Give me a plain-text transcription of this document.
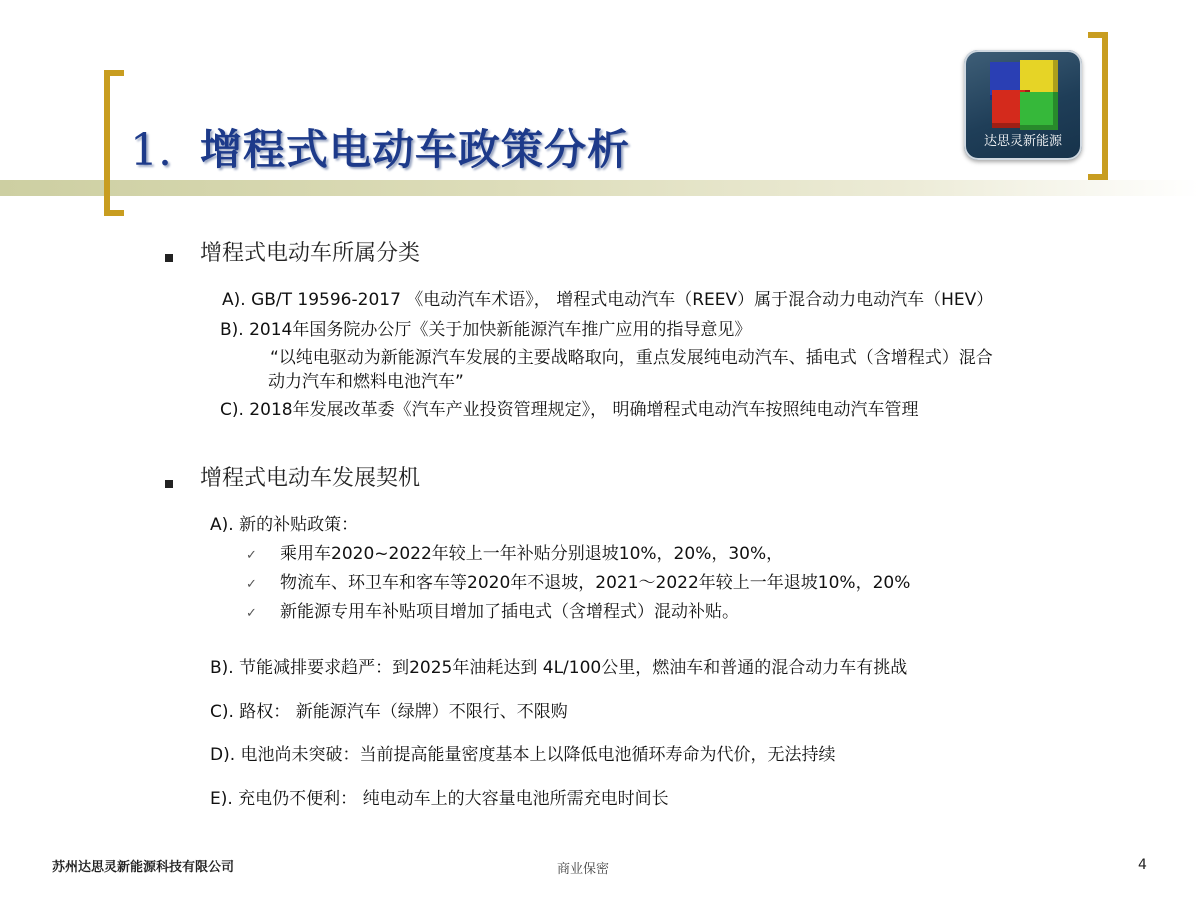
1. 增程式电动车政策分析	达思灵新能源
增程式电动车所属分类
A). GB/T 19596-2017 《电动汽车术语》， 增程式电动汽车（REEV）属于混合动力电动汽车（HEV）
B). 2014年国务院办公厅《关于加快新能源汽车推广应用的指导意见》
“以纯电驱动为新能源汽车发展的主要战略取向，重点发展纯电动汽车、插电式（含增程式）混合
动力汽车和燃料电池汽车”
C). 2018年发展改革委《汽车产业投资管理规定》， 明确增程式电动汽车按照纯电动汽车管理
增程式电动车发展契机
A). 新的补贴政策：
✓ 乘用车2020~2022年较上一年补贴分别退坡10%，20%，30%，
✓ 物流车、环卫车和客车等2020年不退坡，2021～2022年较上一年退坡10%，20%
✓ 新能源专用车补贴项目增加了插电式（含增程式）混动补贴。
B). 节能减排要求趋严：到2025年油耗达到 4L/100公里，燃油车和普通的混合动力车有挑战
C). 路权： 新能源汽车（绿牌）不限行、不限购
D). 电池尚未突破：当前提高能量密度基本上以降低电池循环寿命为代价，无法持续
E). 充电仍不便利： 纯电动车上的大容量电池所需充电时间长
苏州达思灵新能源科技有限公司	商业保密	4
